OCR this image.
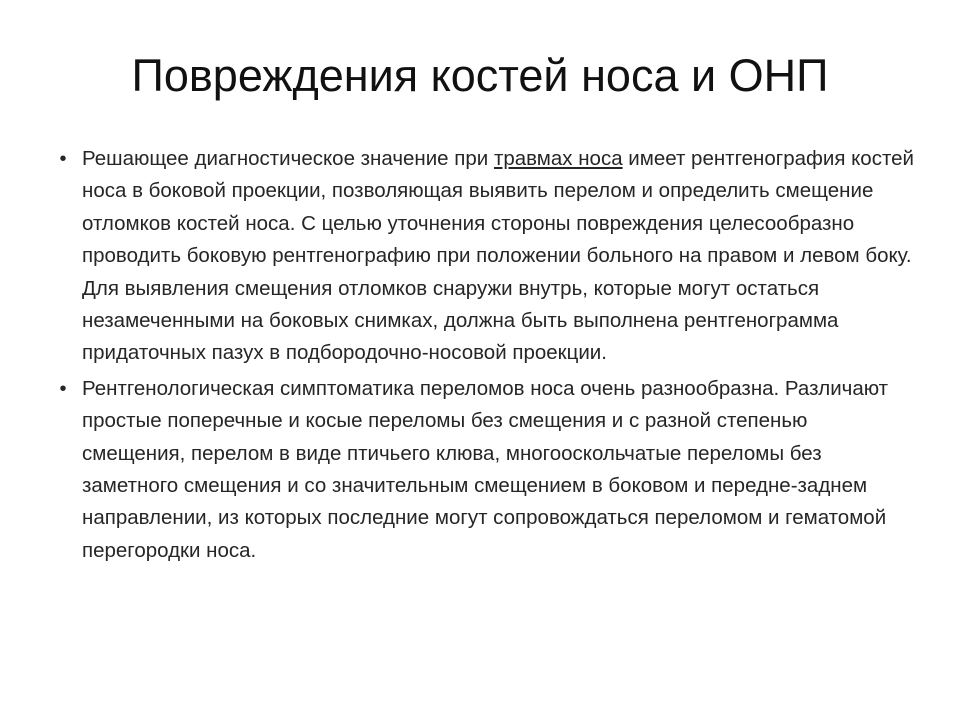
Повреждения костей носа и ОНП
• Решающее диагностическое значение при травмах носа имеет рентгенография костей носа в боковой проекции, позволяющая выявить перелом и определить смещение отломков костей носа. С целью уточнения стороны повреждения целесообразно проводить боковую рентгенографию при положении больного на правом и левом боку. Для выявления смещения отломков снаружи внутрь, которые могут остаться незамеченными на боковых снимках, должна быть выполнена рентгенограмма придаточных пазух в подбородочно-носовой проекции.
• Рентгенологическая симптоматика переломов носа очень разнообразна. Различают простые поперечные и косые переломы без смещения и с разной степенью смещения, перелом в виде птичьего клюва, многооскольчатые переломы без заметного смещения и со значительным смещением в боковом и передне-заднем направлении, из которых последние могут сопровождаться переломом и гематомой перегородки носа.
